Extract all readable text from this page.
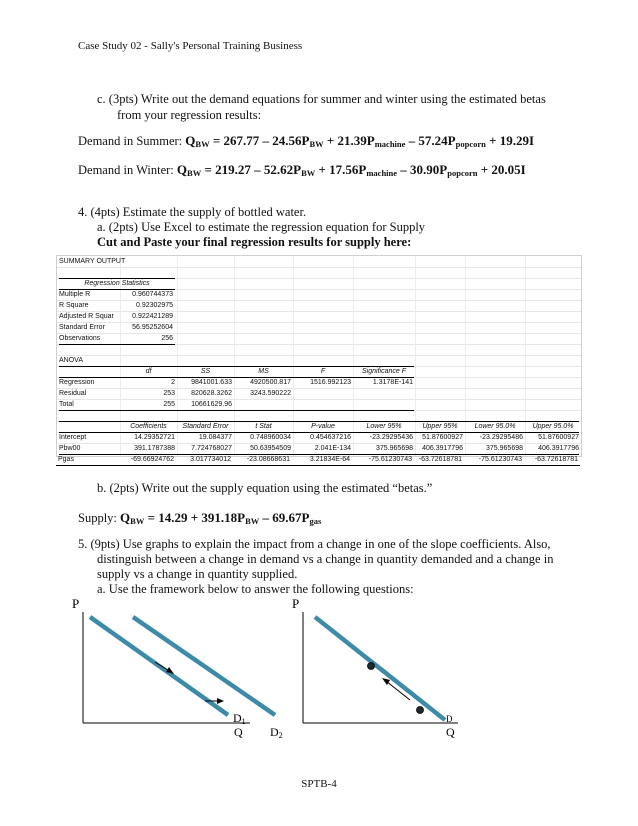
Case Study 02 - Sally's Personal Training Business
c. (3pts) Write out the demand equations for summer and winter using the estimated betas
from your regression results:
Demand in Summer: $Q_{BW} = 267.77 - 24.56P_{BW} + 21.39P_{machine} - 57.24P_{popcorn} + 19.29I$
Demand in Winter: $Q_{BW} = 219.27 - 52.62P_{BW} + 17.56P_{machine} - 30.90P_{popcorn} + 20.05I$
4. (4pts) Estimate the supply of bottled water.
a. (2pts) Use Excel to estimate the regression equation for Supply
Cut and Paste your final regression results for supply here:
SUMMARY OUTPUT
Regression Statistics
Multiple R	0.960744373
R Square	0.92302975
Adjusted R Squar	0.922421289
Standard Error	56.95252604
Observations	256
ANOVA
df	SS	MS	F	Significance F
Regression	2	9841001.633	4920500.817	1516.992123	1.3178E-141
Residual	253	820628.3262	3243.590222
Total	255	10661629.96
Coefficients	Standard Error	t Stat	P-value	Lower 95%	Upper 95%	Lower 95.0%	Upper 95.0%
Intercept	14.29352721	19.084377	0.748960034	0.454637216	-23.29295436	51.87600927	-23.29295486	51.87600927
Pbw00	391.1787388	7.724768027	50.63954509	2.041E-134	375.965698	406.3917796	375.965698	406.3917796
Pgas	-69.66924762	3.017734012	-23.08668631	3.21834E-64	-75.61230743 -63.72618781	-75.61230743	-63.72618781
b. (2pts) Write out the supply equation using the estimated “betas.”
Supply: $Q_{BW} = 14.29 + 391.18P_{BW} - 69.67P_{gas}$
5. (9pts) Use graphs to explain the impact from a change in one of the slope coefficients. Also,
distinguish between a change in demand vs a change in quantity demanded and a change in
supply vs a change in quantity supplied.
a. Use the framework below to answer the following questions:
P
D1
Q D2
P
D
Q
SPTB-4
